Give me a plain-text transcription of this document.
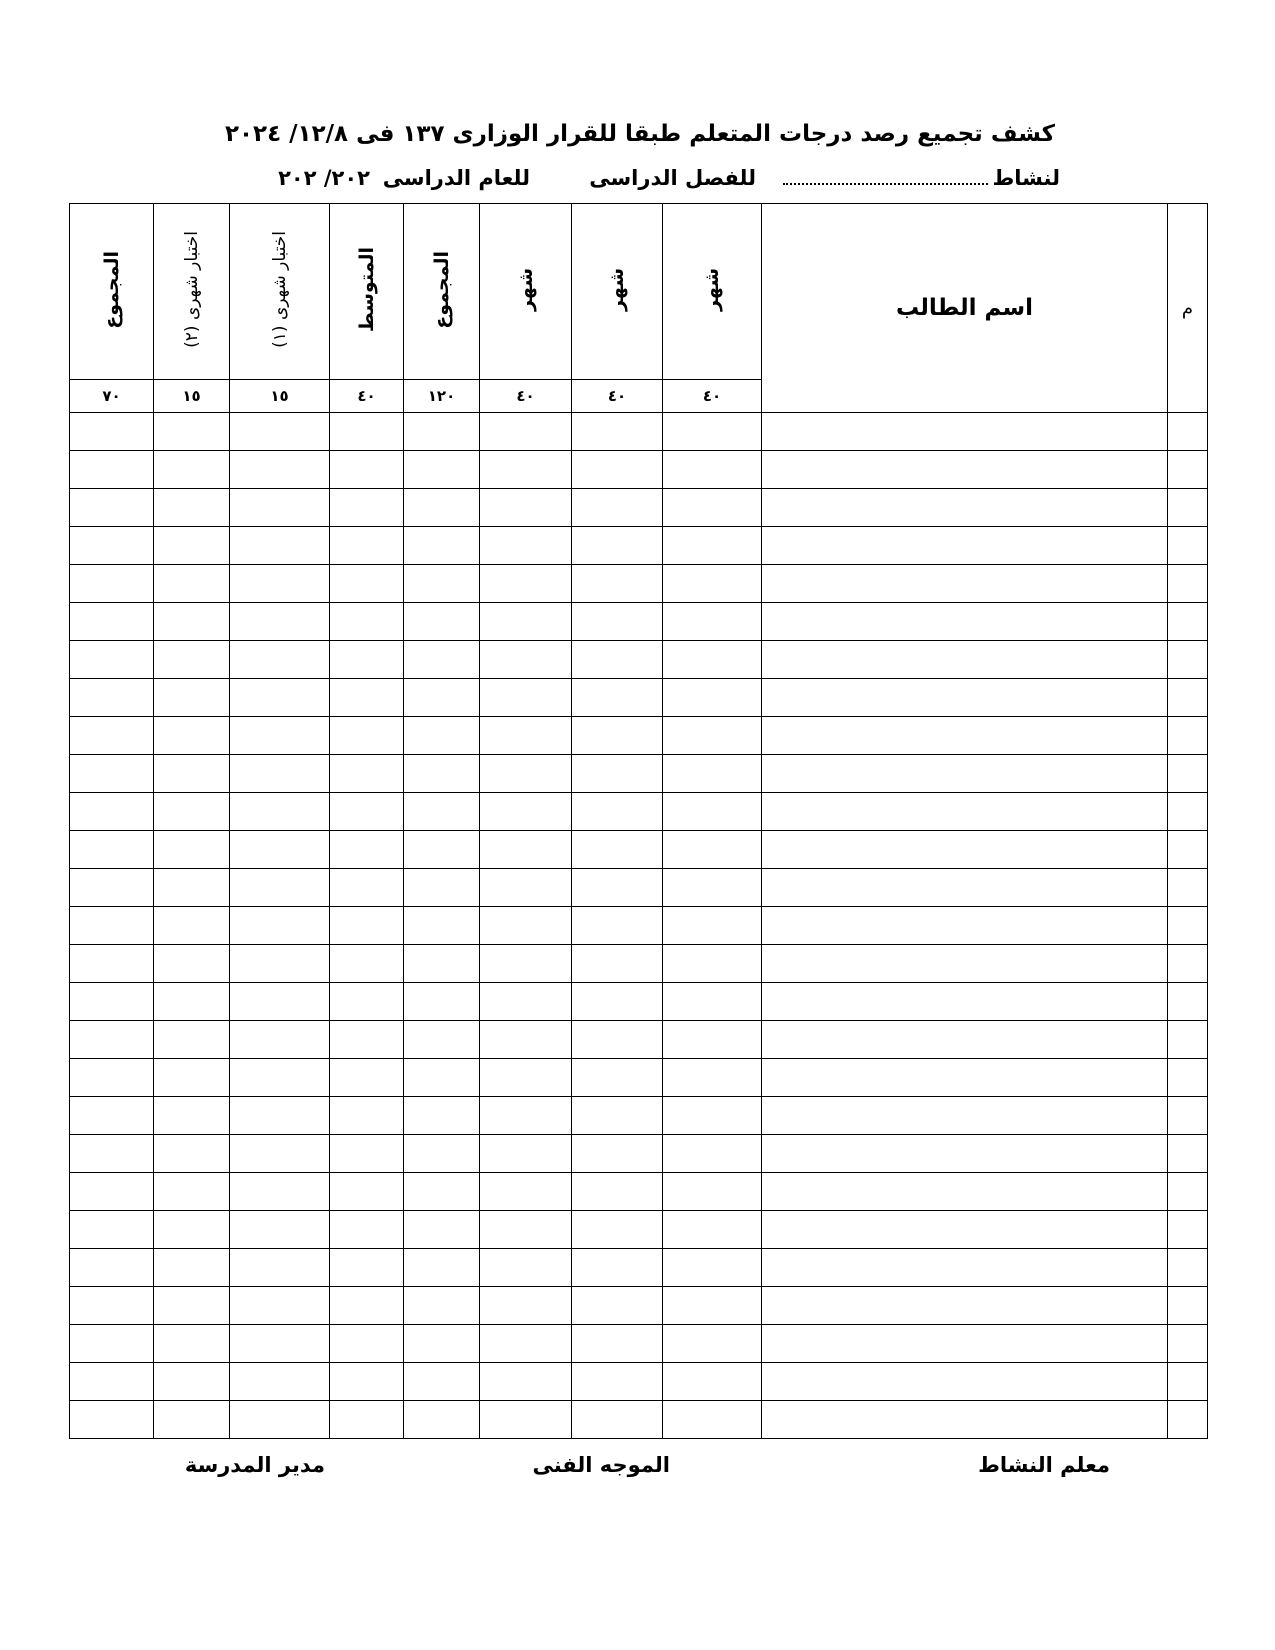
كشف تجميع رصد درجات المتعلم طبقا للقرار الوزارى ١٣٧ فى ١٢/٨/ ٢٠٢٤
لنشاط
للفصل الدراسى
للعام الدراسى
٢٠٢/ ٢٠٢
م	اسم الطالب	شهر	شهر	شهر	المجموع	المتوسط	اختبار شهرى (١)	اختبار شهرى (٢)	المجموع
		٤٠	٤٠	٤٠	١٢٠	٤٠	١٥	١٥	٧٠

معلم النشاط
الموجه الفنى
مدير المدرسة
